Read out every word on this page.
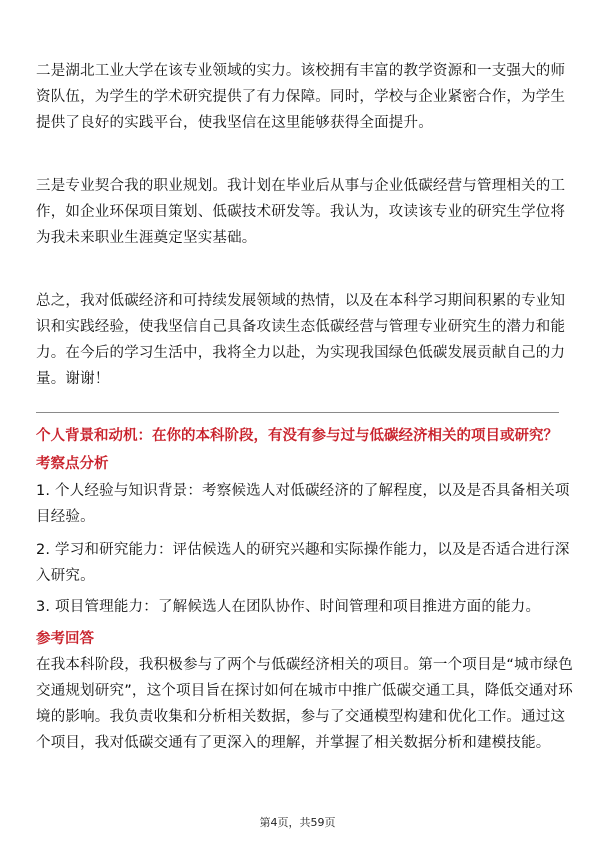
二是湖北工业大学在该专业领域的实力。该校拥有丰富的教学资源和一支强大的师
资队伍，为学生的学术研究提供了有力保障。同时，学校与企业紧密合作，为学生
提供了良好的实践平台，使我坚信在这里能够获得全面提升。
三是专业契合我的职业规划。我计划在毕业后从事与企业低碳经营与管理相关的工
作，如企业环保项目策划、低碳技术研发等。我认为，攻读该专业的研究生学位将
为我未来职业生涯奠定坚实基础。
总之，我对低碳经济和可持续发展领域的热情，以及在本科学习期间积累的专业知
识和实践经验，使我坚信自己具备攻读生态低碳经营与管理专业研究生的潜力和能
力。在今后的学习生活中，我将全力以赴，为实现我国绿色低碳发展贡献自己的力
量。谢谢！
个人背景和动机：在你的本科阶段，有没有参与过与低碳经济相关的项目或研究？
考察点分析
1. 个人经验与知识背景：考察候选人对低碳经济的了解程度，以及是否具备相关项
目经验。
2. 学习和研究能力：评估候选人的研究兴趣和实际操作能力，以及是否适合进行深
入研究。
3. 项目管理能力：了解候选人在团队协作、时间管理和项目推进方面的能力。
参考回答
在我本科阶段，我积极参与了两个与低碳经济相关的项目。第一个项目是“城市绿色
交通规划研究”，这个项目旨在探讨如何在城市中推广低碳交通工具，降低交通对环
境的影响。我负责收集和分析相关数据，参与了交通模型构建和优化工作。通过这
个项目，我对低碳交通有了更深入的理解，并掌握了相关数据分析和建模技能。
第4页，共59页
